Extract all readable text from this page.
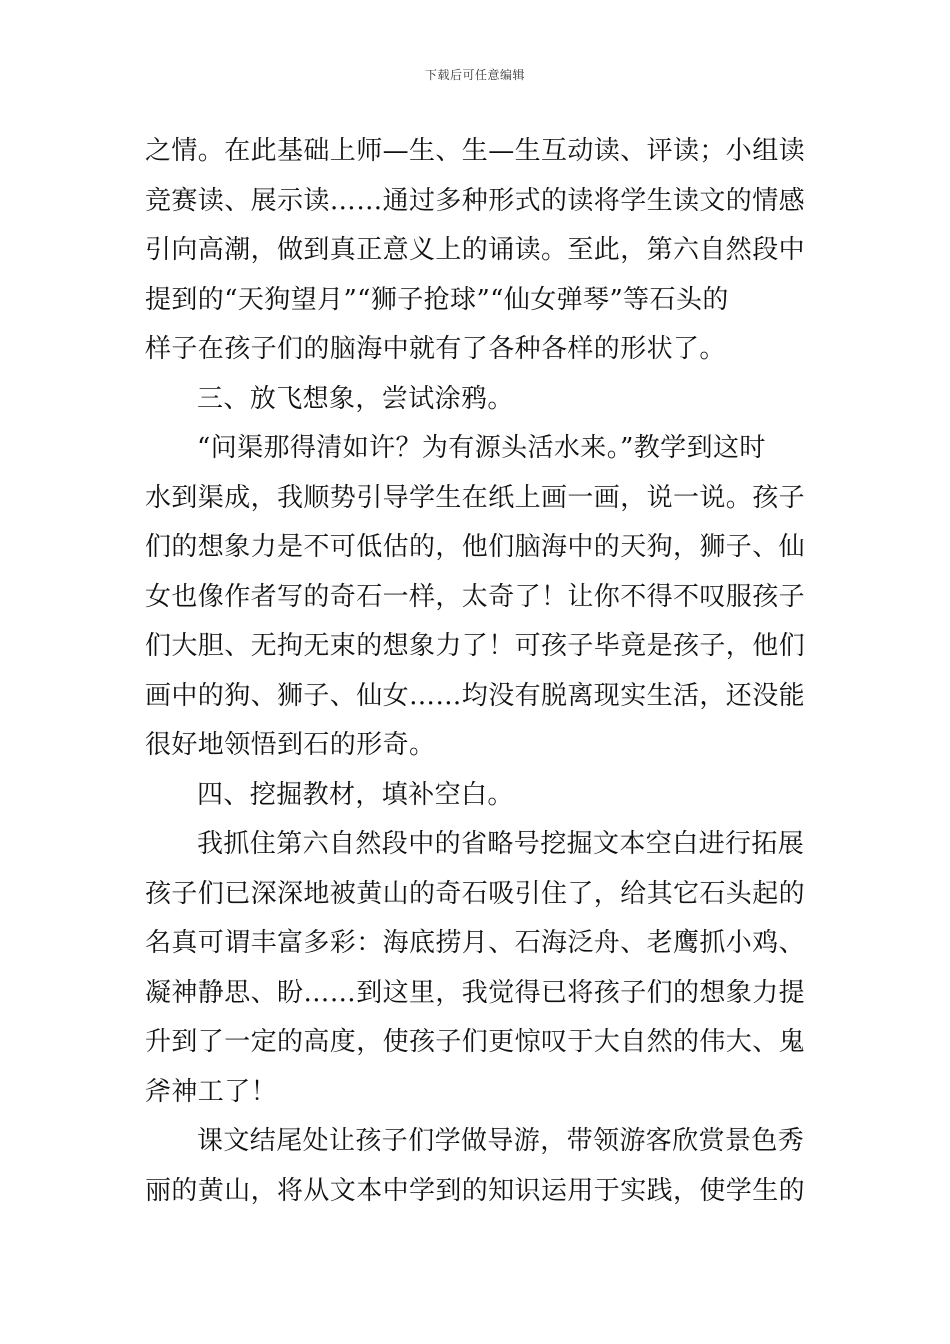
下载后可任意编辑
之情。在此基础上师—生、生—生互动读、评读；小组读
竞赛读、展示读……通过多种形式的读将学生读文的情感
引向高潮，做到真正意义上的诵读。至此，第六自然段中
提到的“天狗望月”“狮子抢球”“仙女弹琴”等石头的
样子在孩子们的脑海中就有了各种各样的形状了。
三、放飞想象，尝试涂鸦。
“问渠那得清如许？为有源头活水来。”教学到这时
水到渠成，我顺势引导学生在纸上画一画，说一说。孩子
们的想象力是不可低估的，他们脑海中的天狗，狮子、仙
女也像作者写的奇石一样，太奇了！让你不得不叹服孩子
们大胆、无拘无束的想象力了！可孩子毕竟是孩子，他们
画中的狗、狮子、仙女……均没有脱离现实生活，还没能
很好地领悟到石的形奇。
四、挖掘教材，填补空白。
我抓住第六自然段中的省略号挖掘文本空白进行拓展
孩子们已深深地被黄山的奇石吸引住了，给其它石头起的
名真可谓丰富多彩：海底捞月、石海泛舟、老鹰抓小鸡、
凝神静思、盼……到这里，我觉得已将孩子们的想象力提
升到了一定的高度，使孩子们更惊叹于大自然的伟大、鬼
斧神工了！
课文结尾处让孩子们学做导游，带领游客欣赏景色秀
丽的黄山，将从文本中学到的知识运用于实践，使学生的
